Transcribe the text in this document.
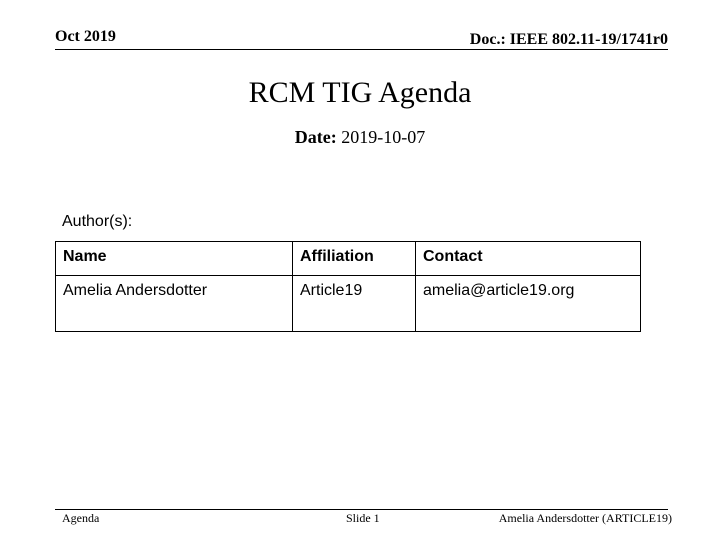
Oct 2019	Doc.: IEEE 802.11-19/1741r0
RCM TIG Agenda
Date: 2019-10-07
Author(s):
Name	Affiliation	Contact
Amelia Andersdotter	Article19	amelia@article19.org
Agenda	Slide 1	Amelia Andersdotter (ARTICLE19)
